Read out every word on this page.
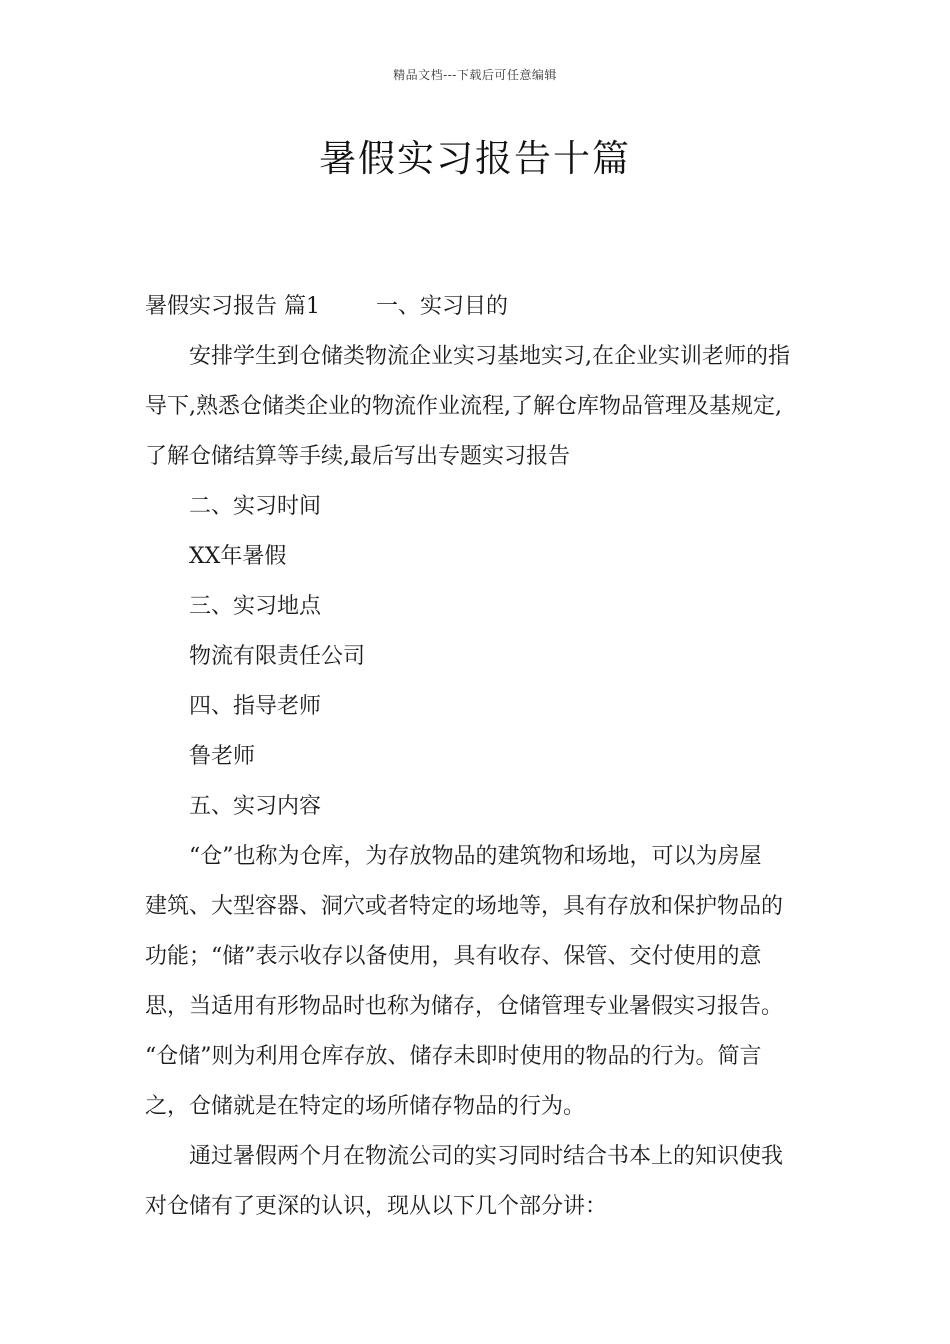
精品文档---下载后可任意编辑
暑假实习报告十篇
暑假实习报告 篇1	一、实习目的
安排学生到仓储类物流企业实习基地实习,在企业实训老师的指
导下,熟悉仓储类企业的物流作业流程,了解仓库物品管理及基规定,
了解仓储结算等手续,最后写出专题实习报告
二、实习时间
XX年暑假
三、实习地点
物流有限责任公司
四、指导老师
鲁老师
五、实习内容
“仓”也称为仓库，为存放物品的建筑物和场地，可以为房屋
建筑、大型容器、洞穴或者特定的场地等，具有存放和保护物品的
功能；“储”表示收存以备使用，具有收存、保管、交付使用的意
思，当适用有形物品时也称为储存，仓储管理专业暑假实习报告。
“仓储”则为利用仓库存放、储存未即时使用的物品的行为。简言
之，仓储就是在特定的场所储存物品的行为。
通过暑假两个月在物流公司的实习同时结合书本上的知识使我
对仓储有了更深的认识，现从以下几个部分讲：
